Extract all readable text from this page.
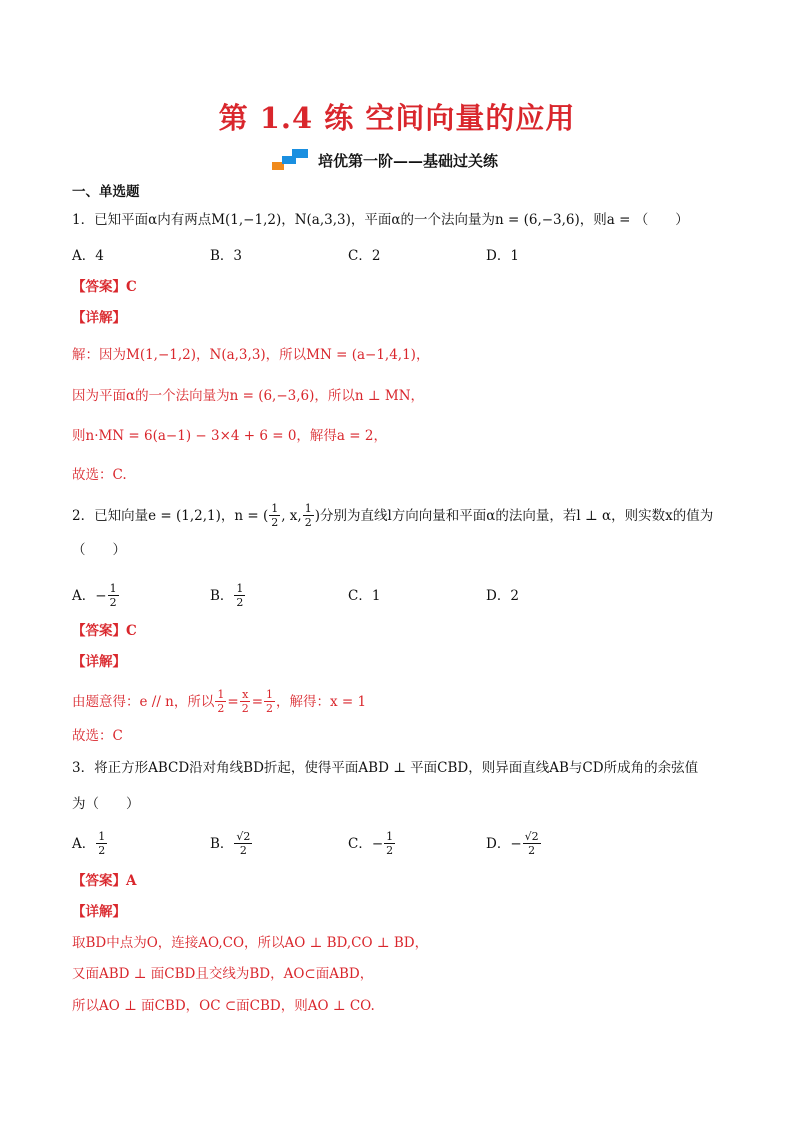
第 1.4 练 空间向量的应用
培优第一阶——基础过关练
一、单选题
1．已知平面α内有两点M(1,−1,2)，N(a,3,3)，平面α的一个法向量为n = (6,−3,6)，则a = （　　）
A．4	B．3	C．2	D．1
【答案】C
【详解】
解：因为M(1,−1,2)，N(a,3,3)，所以MN = (a−1,4,1)，
因为平面α的一个法向量为n = (6,−3,6)，所以n ⊥ MN，
则n·MN = 6(a−1) − 3×4 + 6 = 0，解得a = 2，
故选：C.
2．已知向量e = (1,2,1)，n = ( $\frac{1}{2}$ , x, $\frac{1}{2}$ )分别为直线l方向向量和平面α的法向量，若l ⊥ α，则实数x的值为
（　　）
A．− $\frac{1}{2}$	B． $\frac{1}{2}$	C．1	D．2
【答案】C
【详解】
由题意得：e // n，所以 $\frac{1}{2} = \frac{x}{2} = \frac{1}{2}$ ，解得：x = 1
故选：C
3．将正方形ABCD沿对角线BD折起，使得平面ABD ⊥ 平面CBD，则异面直线AB与CD所成角的余弦值
为（　　）
A． $\frac{1}{2}$	B． $\frac{√2}{2}$	C．− $\frac{1}{2}$	D．− $\frac{√2}{2}$
【答案】A
【详解】
取BD中点为O，连接AO,CO，所以AO ⊥ BD,CO ⊥ BD，
又面ABD ⊥ 面CBD且交线为BD，AO⊂面ABD，
所以AO ⊥ 面CBD，OC ⊂面CBD，则AO ⊥ CO.
